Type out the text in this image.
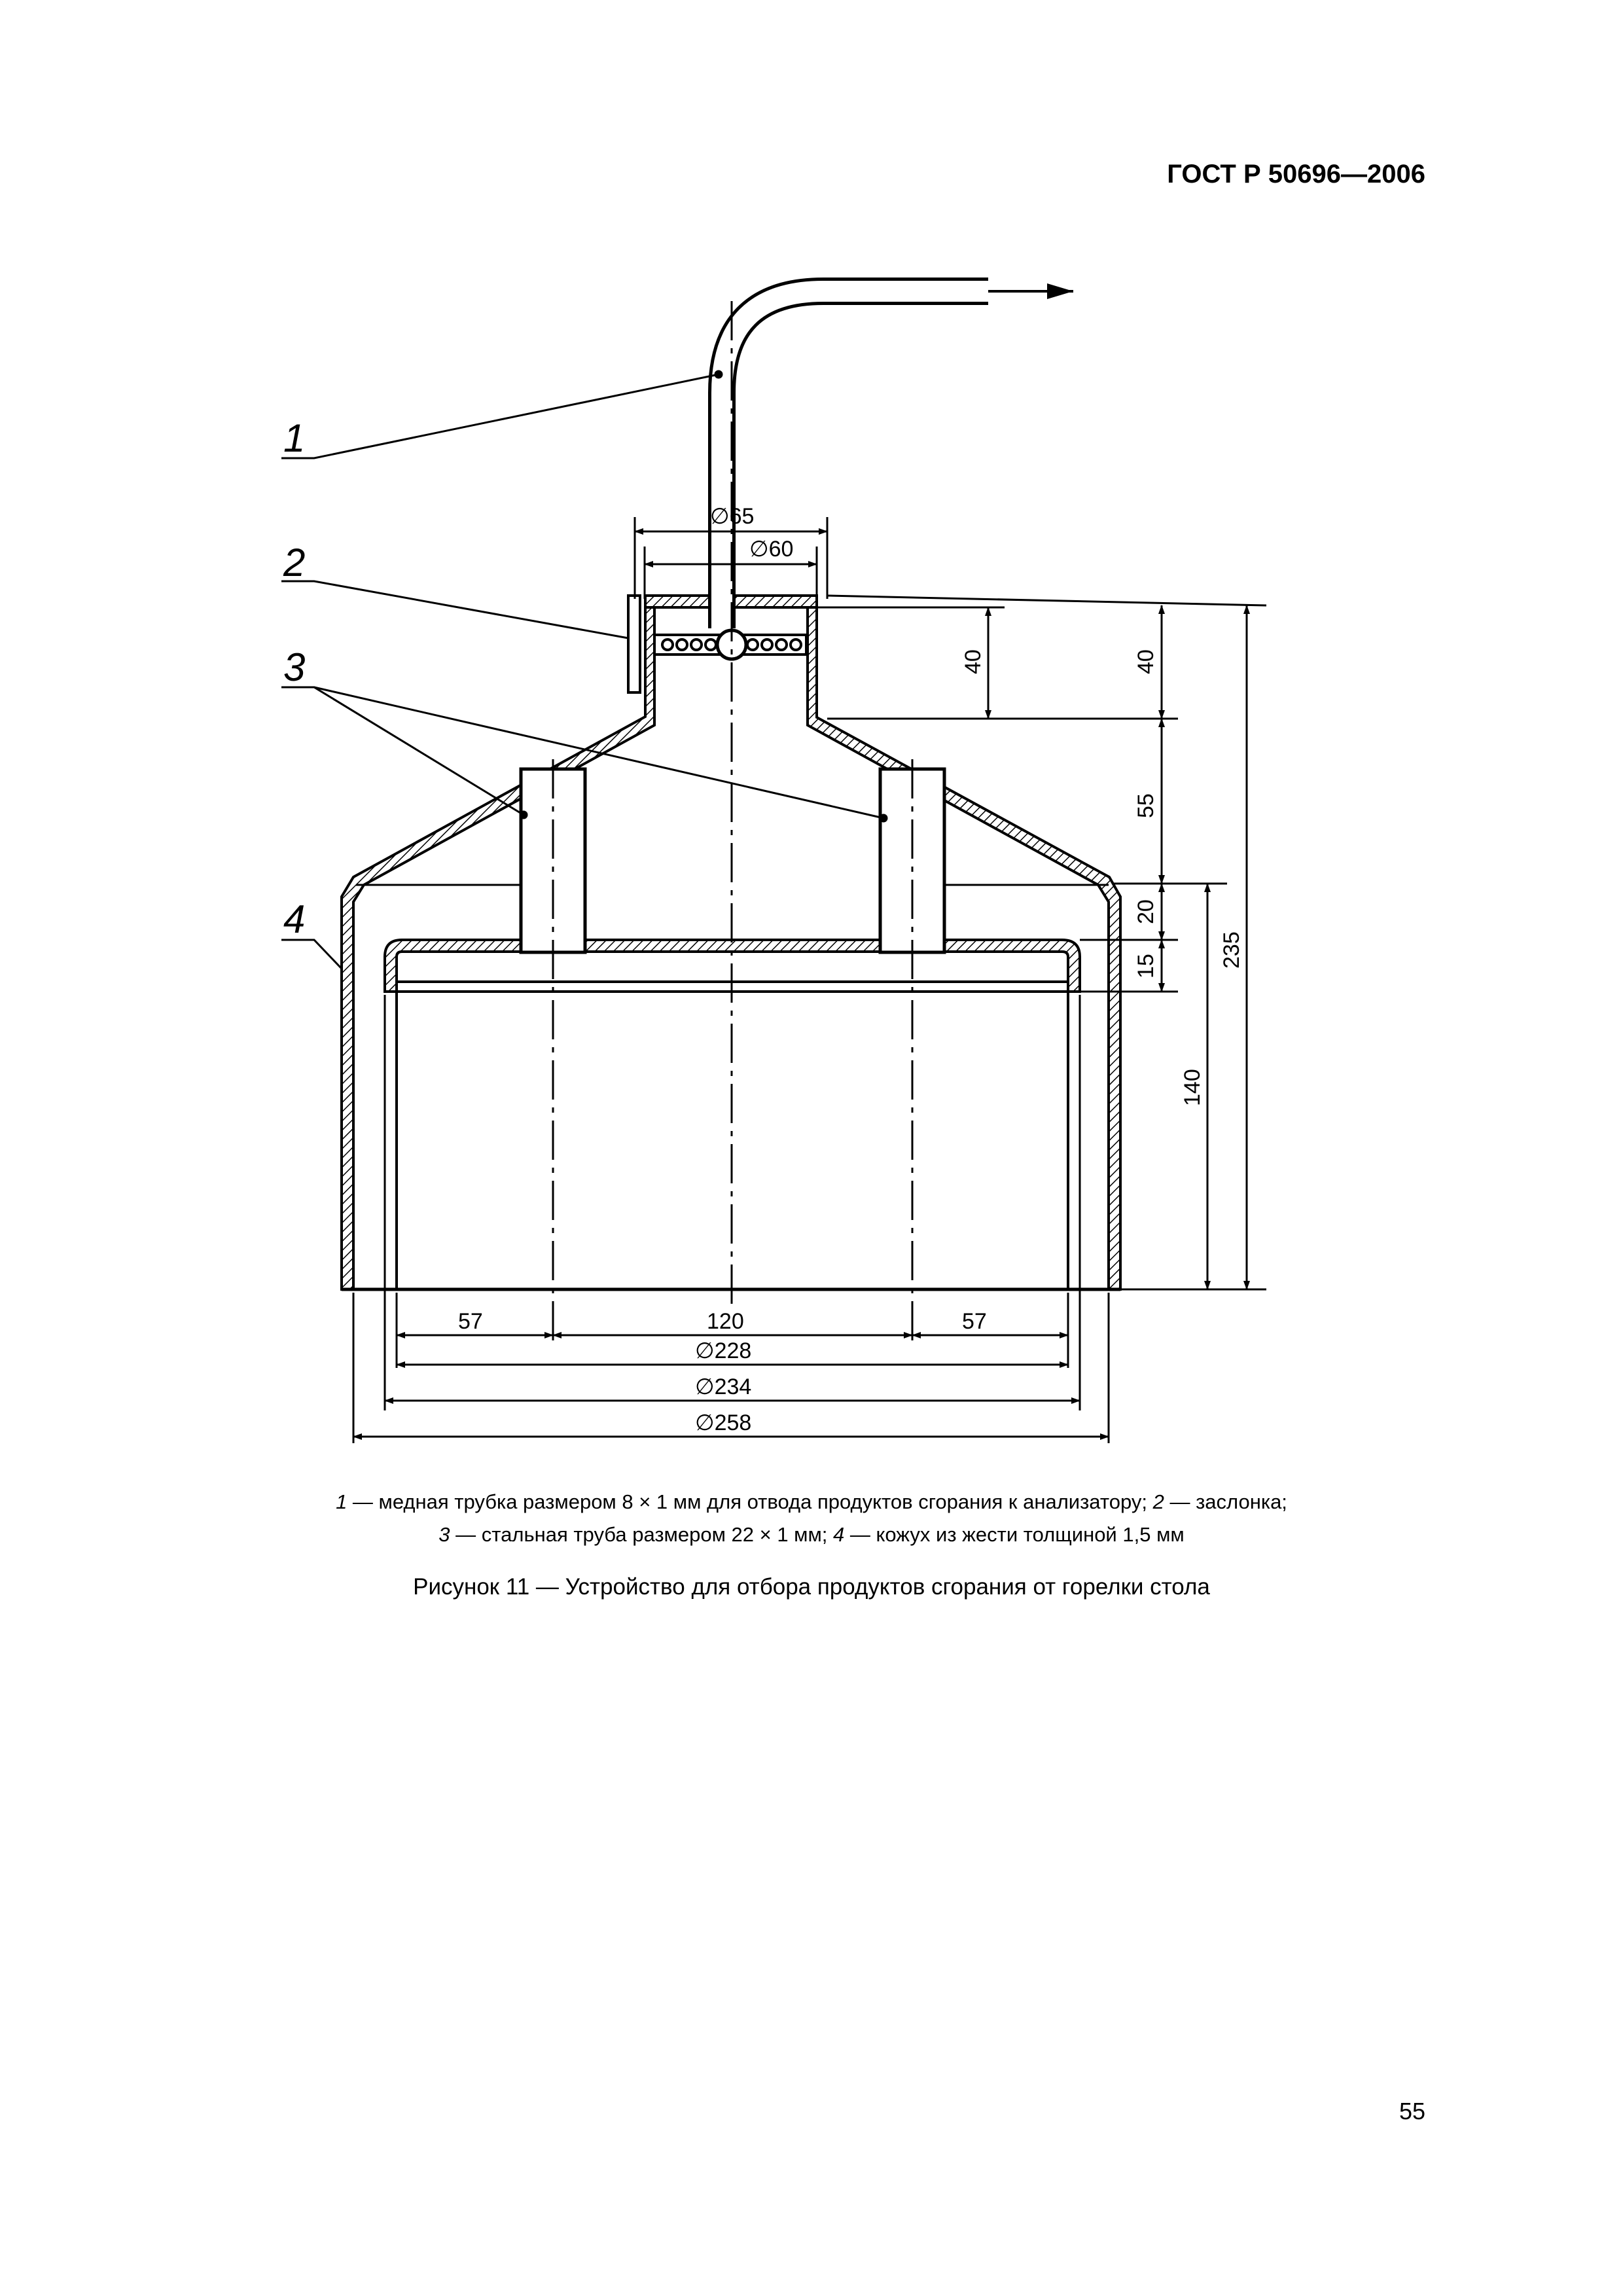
ГОСТ Р 50696—2006
1
2
3
4
∅65
∅60
40	40
55
20
15	235
140
57	120	57
∅228
∅234
∅258
1 — медная трубка размером 8 × 1 мм для отвода продуктов сгорания к анализатору; 2 — заслонка;
3 — стальная труба размером 22 × 1 мм; 4 — кожух из жести толщиной 1,5 мм
Рисунок 11 — Устройство для отбора продуктов сгорания от горелки стола
55
